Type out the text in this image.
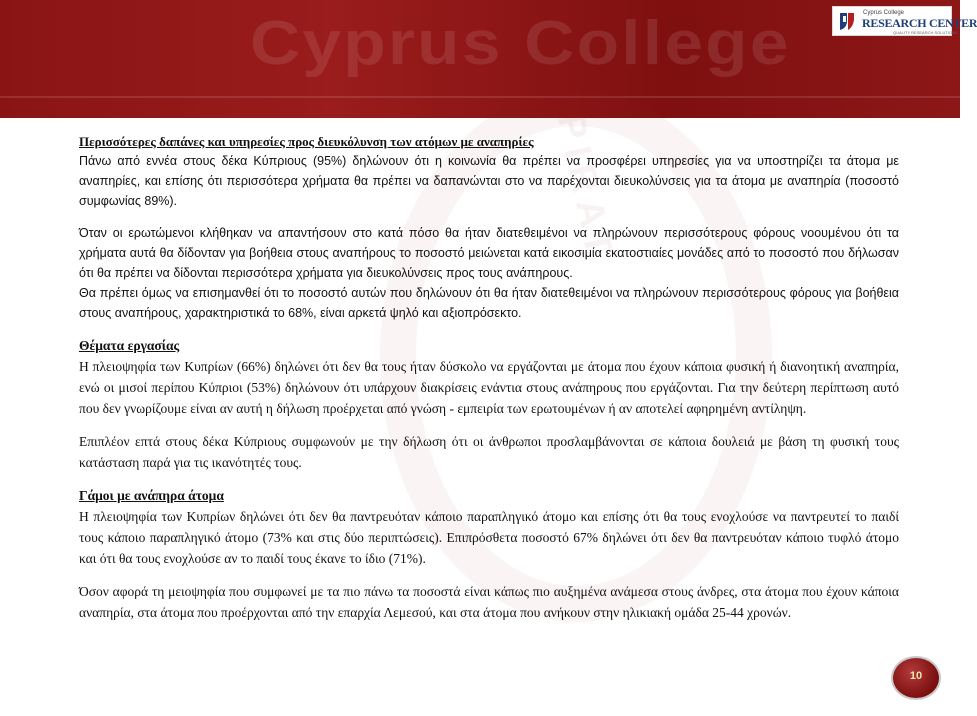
Cyprus College	Cyprus College
RESEARCH CENTER
QUALITY RESEARCH SOLUTIONS
PIRAT

Περισσότερες δαπάνες και υπηρεσίες προς διευκόλυνση των ατόμων με αναπηρίες

Πάνω από εννέα στους δέκα Κύπριους (95%) δηλώνουν ότι η κοινωνία θα πρέπει να προσφέρει υπηρεσίες για να υποστηρίζει τα άτομα με αναπηρίες, και επίσης ότι περισσότερα χρήματα θα πρέπει να δαπανώνται στο να παρέχονται διευκολύνσεις για τα άτομα με αναπηρία (ποσοστό συμφωνίας 89%).

Όταν οι ερωτώμενοι κλήθηκαν να απαντήσουν στο κατά πόσο θα ήταν διατεθειμένοι να πληρώνουν περισσότερους φόρους νοουμένου ότι τα χρήματα αυτά θα δίδονταν για βοήθεια στους αναπήρους το ποσοστό μειώνεται κατά εικοσιμία εκατοστιαίες μονάδες από το ποσοστό που δήλωσαν ότι θα πρέπει να δίδονται περισσότερα χρήματα για διευκολύνσεις προς τους ανάπηρους.

Θα πρέπει όμως να επισημανθεί ότι το ποσοστό αυτών που δηλώνουν ότι θα ήταν διατεθειμένοι να πληρώνουν περισσότερους φόρους για βοήθεια στους αναπήρους, χαρακτηριστικά το 68%, είναι αρκετά ψηλό και αξιοπρόσεκτο.

Θέματα εργασίας

Η πλειοψηφία των Κυπρίων (66%) δηλώνει ότι δεν θα τους ήταν δύσκολο να εργάζονται με άτομα που έχουν κάποια φυσική ή διανοητική αναπηρία, ενώ οι μισοί περίπου Κύπριοι (53%) δηλώνουν ότι υπάρχουν διακρίσεις ενάντια στους ανάπηρους που εργάζονται. Για την δεύτερη περίπτωση αυτό που δεν γνωρίζουμε είναι αν αυτή η δήλωση προέρχεται από γνώση - εμπειρία των ερωτουμένων ή αν αποτελεί αφηρημένη αντίληψη.

Επιπλέον επτά στους δέκα Κύπριους συμφωνούν με την δήλωση ότι οι άνθρωποι προσλαμβάνονται σε κάποια δουλειά με βάση τη φυσική τους κατάσταση παρά για τις ικανότητές τους.

Γάμοι με ανάπηρα άτομα

Η πλειοψηφία των Κυπρίων δηλώνει ότι δεν θα παντρευόταν κάποιο παραπληγικό άτομο και επίσης ότι θα τους ενοχλούσε να παντρευτεί το παιδί τους κάποιο παραπληγικό άτομο (73% και στις δύο περιπτώσεις). Επιπρόσθετα ποσοστό 67% δηλώνει ότι δεν θα παντρευόταν κάποιο τυφλό άτομο και ότι θα τους ενοχλούσε αν το παιδί τους έκανε το ίδιο (71%).

Όσον αφορά τη μειοψηφία που συμφωνεί με τα πιο πάνω τα ποσοστά είναι κάπως πιο αυξημένα ανάμεσα στους άνδρες, στα άτομα που έχουν κάποια αναπηρία, στα άτομα που προέρχονται από την επαρχία Λεμεσού, και στα άτομα που ανήκουν στην ηλικιακή ομάδα 25-44 χρονών.

10
